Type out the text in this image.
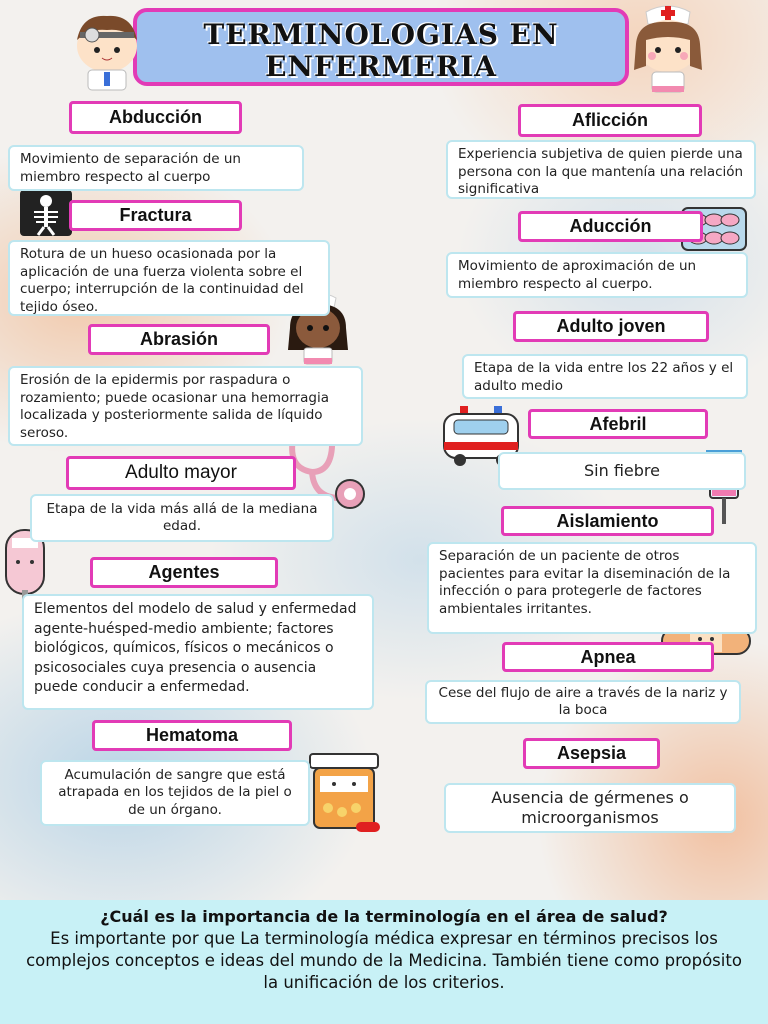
TERMINOLOGIAS EN
ENFERMERIA
Abducción
Movimiento de separación de un miembro respecto al cuerpo
Fractura
Rotura de un hueso ocasionada por la aplicación de una fuerza violenta sobre el cuerpo; interrupción de la continuidad del tejido óseo.
Abrasión
Erosión de la epidermis por raspadura o rozamiento; puede ocasionar una hemorragia localizada y posteriormente salida de líquido seroso.
Adulto mayor
Etapa de la vida más allá de la mediana edad.
Agentes
Elementos del modelo de salud y enfermedad agente-huésped-medio ambiente; factores biológicos, químicos, físicos o mecánicos o psicosociales cuya presencia o ausencia puede conducir a enfermedad.
Hematoma
Acumulación de sangre que está atrapada en los tejidos de la piel o de un órgano.
Aflicción
Experiencia subjetiva de quien pierde una persona con la que mantenía una relación significativa
Aducción
Movimiento de aproximación de un miembro respecto al cuerpo.
Adulto joven
Etapa de la vida entre los 22 años y el adulto medio
Afebril
Sin fiebre
Aislamiento
Separación de un paciente de otros pacientes para evitar la diseminación de la infección o para protegerle de factores ambientales irritantes.
Apnea
Cese del flujo de aire a través de la nariz y la boca
Asepsia
Ausencia de gérmenes o microorganismos
¿Cuál es la importancia de la terminología en el área de salud?
Es importante por que La terminología médica expresar en términos precisos los complejos conceptos e ideas del mundo de la Medicina. También tiene como propósito la unificación de los criterios.
